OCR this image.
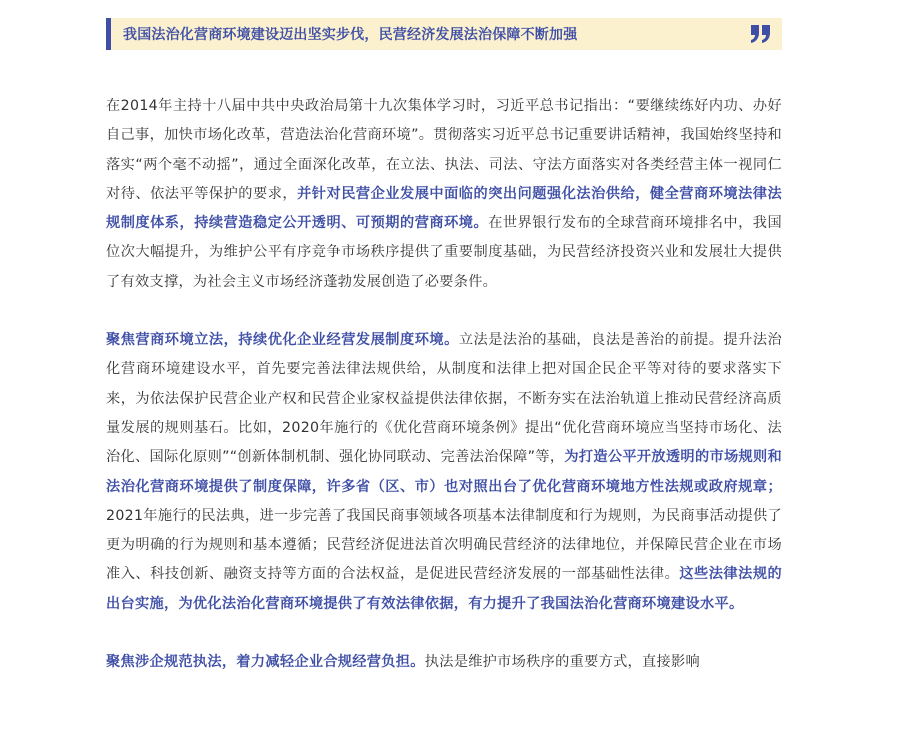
我国法治化营商环境建设迈出坚实步伐，民营经济发展法治保障不断加强

在2014年主持十八届中共中央政治局第十九次集体学习时，习近平总书记指出：“要继续练好内功、办好自己事，加快市场化改革，营造法治化营商环境”。贯彻落实习近平总书记重要讲话精神，我国始终坚持和落实“两个毫不动摇”，通过全面深化改革，在立法、执法、司法、守法方面落实对各类经营主体一视同仁对待、依法平等保护的要求，并针对民营企业发展中面临的突出问题强化法治供给，健全营商环境法律法规制度体系，持续营造稳定公开透明、可预期的营商环境。在世界银行发布的全球营商环境排名中，我国位次大幅提升，为维护公平有序竞争市场秩序提供了重要制度基础，为民营经济投资兴业和发展壮大提供了有效支撑，为社会主义市场经济蓬勃发展创造了必要条件。

聚焦营商环境立法，持续优化企业经营发展制度环境。立法是法治的基础，良法是善治的前提。提升法治化营商环境建设水平，首先要完善法律法规供给，从制度和法律上把对国企民企平等对待的要求落实下来，为依法保护民营企业产权和民营企业家权益提供法律依据，不断夯实在法治轨道上推动民营经济高质量发展的规则基石。比如，2020年施行的《优化营商环境条例》提出“优化营商环境应当坚持市场化、法治化、国际化原则”“创新体制机制、强化协同联动、完善法治保障”等，为打造公平开放透明的市场规则和法治化营商环境提供了制度保障，许多省（区、市）也对照出台了优化营商环境地方性法规或政府规章；2021年施行的民法典，进一步完善了我国民商事领域各项基本法律制度和行为规则，为民商事活动提供了更为明确的行为规则和基本遵循；民营经济促进法首次明确民营经济的法律地位，并保障民营企业在市场准入、科技创新、融资支持等方面的合法权益，是促进民营经济发展的一部基础性法律。这些法律法规的出台实施，为优化法治化营商环境提供了有效法律依据，有力提升了我国法治化营商环境建设水平。

聚焦涉企规范执法，着力减轻企业合规经营负担。执法是维护市场秩序的重要方式，直接影响
